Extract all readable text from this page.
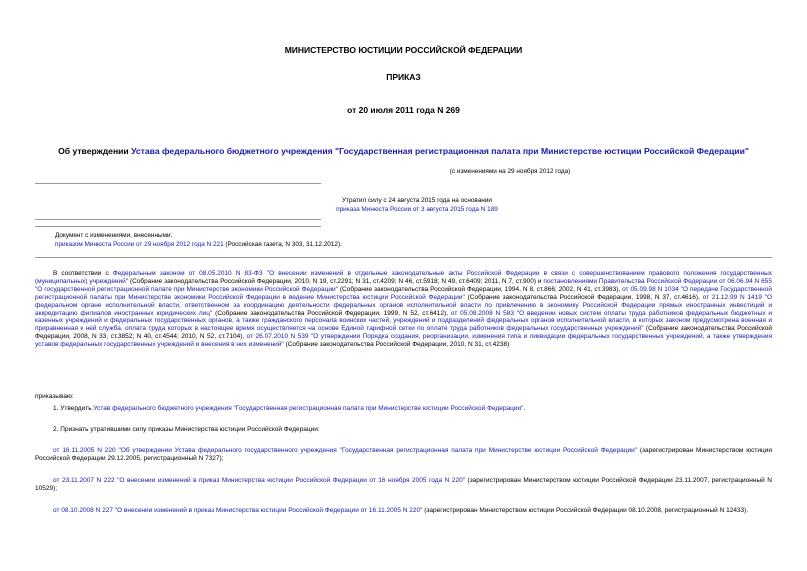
МИНИСТЕРСТВО ЮСТИЦИИ РОССИЙСКОЙ ФЕДЕРАЦИИ
ПРИКАЗ
от 20 июля 2011 года N 269
Об утверждении Устава федерального бюджетного учреждения "Государственная регистрационная палата при Министерстве юстиции Российской Федерации"
(с изменениями на 29 ноября 2012 года)
Утратил силу с 24 августа 2015 года на основании
приказа Минюста России от 3 августа 2015 года N 189
Документ с изменениями, внесенными:
приказом Минюста России от 29 ноября 2012 года N 221 (Российская газета, N 303, 31.12.2012).
В соответствии с Федеральным законом от 08.05.2010 N 83-ФЗ "О внесении изменений в отдельные законодательные акты Российской Федерации в связи с совершенствованием правового положения государственных (муниципальных) учреждений" (Собрание законодательства Российской Федерации, 2010, N 19, ст.2291; N 31, ст.4209; N 46, ст.5918; N 49, ст.6409; 2011, N 7, ст.900) и постановлениями Правительства Российской Федерации от 06.06.94 N 655 "О государственной регистрационной палате при Министерстве экономики Российской Федерации" (Собрание законодательства Российской Федерации, 1994, N 8, ст.866; 2002, N 41, ст.3983), от 05.09.98 N 1034 "О передаче Государственной регистрационной палаты при Министерстве экономики Российской Федерации в ведение Министерства юстиции Российской Федерации" (Собрание законодательства Российской Федерации, 1998, N 37, ст.4616), от 21.12.99 N 1419 "О федеральном органе исполнительной власти, ответственном за координацию деятельности федеральных органов исполнительной власти по привлечению в экономику Российской Федерации прямых иностранных инвестиций и аккредитацию филиалов иностранных юридических лиц" (Собрание законодательства Российской Федерации, 1999, N 52, ст.6412), от 05.08.2008 N 583 "О введении новых систем оплаты труда работников федеральных бюджетных и казенных учреждений и федеральных государственных органов, а также гражданского персонала воинских частей, учреждений и подразделений федеральных органов исполнительной власти, в которых законом предусмотрена военная и приравненная к ней служба, оплата труда которых в настоящее время осуществляется на основе Единой тарифной сетки по оплате труда работников федеральных государственных учреждений" (Собрание законодательства Российской Федерации, 2008, N 33, ст.3852; N 40, ст.4544; 2010, N 52, ст.7104), от 26.07.2010 N 539 "О утверждении Порядка создания, реорганизации, изменения типа и ликвидации федеральных государственных учреждений, а также утверждения уставов федеральных государственных учреждений и внесения в них изменений" (Собрание законодательства Российской Федерации, 2010, N 31, ст.4238)
приказываю:
1. Утвердить Устав федерального бюджетного учреждения "Государственная регистрационная палата при Министерстве юстиции Российской Федерации".
2. Признать утратившими силу приказы Министерства юстиции Российской Федерации:
от 16.11.2005 N 220 "Об утверждении Устава федерального государственного учреждения "Государственная регистрационная палата при Министерстве юстиции Российской Федерации" (зарегистрирован Министерством юстиции Российской Федерации 29.12.2005, регистрационный N 7327);
от 23.11.2007 N 222 "О внесении изменений в приказ Министерства юстиции Российской Федерации от 16 ноября 2005 года N 220" (зарегистрирован Министерством юстиции Российской Федерации 23.11.2007, регистрационный N 10529);
от 08.10.2008 N 227 "О внесении изменений в приказ Министерства юстиции Российской Федерации от 16.11.2005 N 220" (зарегистрирован Министерством юстиции Российской Федерации 08.10.2008, регистрационный N 12433).
